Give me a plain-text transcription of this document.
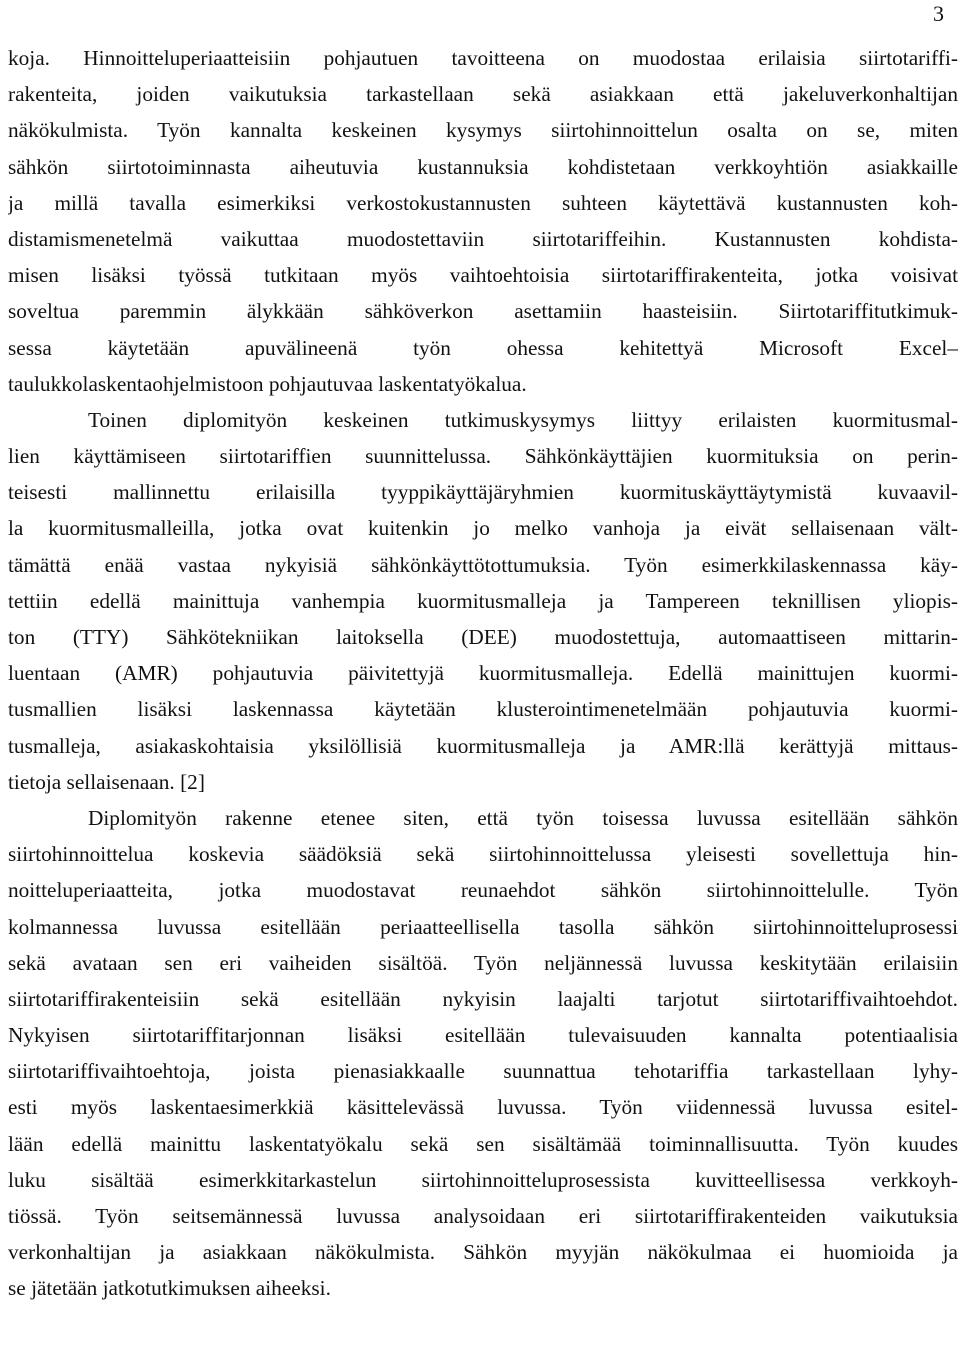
3
koja. Hinnoitteluperiaatteisiin pohjautuen tavoitteena on muodostaa erilaisia siirtotariffi-
rakenteita, joiden vaikutuksia tarkastellaan sekä asiakkaan että jakeluverkonhaltijan
näkökulmista. Työn kannalta keskeinen kysymys siirtohinnoittelun osalta on se, miten
sähkön siirtotoiminnasta aiheutuvia kustannuksia kohdistetaan verkkoyhtiön asiakkaille
ja millä tavalla esimerkiksi verkostokustannusten suhteen käytettävä kustannusten koh-
distamismenetelmä vaikuttaa muodostettaviin siirtotariffeihin. Kustannusten kohdista-
misen lisäksi työssä tutkitaan myös vaihtoehtoisia siirtotariffirakenteita, jotka voisivat
soveltua paremmin älykkään sähköverkon asettamiin haasteisiin. Siirtotariffitutkimuk-
sessa käytetään apuvälineenä työn ohessa kehitettyä Microsoft Excel–
taulukkolaskentaohjelmistoon pohjautuvaa laskentatyökalua.
Toinen diplomityön keskeinen tutkimuskysymys liittyy erilaisten kuormitusmal-
lien käyttämiseen siirtotariffien suunnittelussa. Sähkönkäyttäjien kuormituksia on perin-
teisesti mallinnettu erilaisilla tyyppikäyttäjäryhmien kuormituskäyttäytymistä kuvaavil-
la kuormitusmalleilla, jotka ovat kuitenkin jo melko vanhoja ja eivät sellaisenaan vält-
tämättä enää vastaa nykyisiä sähkönkäyttötottumuksia. Työn esimerkkilaskennassa käy-
tettiin edellä mainittuja vanhempia kuormitusmalleja ja Tampereen teknillisen yliopis-
ton (TTY) Sähkötekniikan laitoksella (DEE) muodostettuja, automaattiseen mittarin-
luentaan (AMR) pohjautuvia päivitettyjä kuormitusmalleja. Edellä mainittujen kuormi-
tusmallien lisäksi laskennassa käytetään klusterointimenetelmään pohjautuvia kuormi-
tusmalleja, asiakaskohtaisia yksilöllisiä kuormitusmalleja ja AMR:llä kerättyjä mittaus-
tietoja sellaisenaan. [2]
Diplomityön rakenne etenee siten, että työn toisessa luvussa esitellään sähkön
siirtohinnoittelua koskevia säädöksiä sekä siirtohinnoittelussa yleisesti sovellettuja hin-
noitteluperiaatteita, jotka muodostavat reunaehdot sähkön siirtohinnoittelulle. Työn
kolmannessa luvussa esitellään periaatteellisella tasolla sähkön siirtohinnoitteluprosessi
sekä avataan sen eri vaiheiden sisältöä. Työn neljännessä luvussa keskitytään erilaisiin
siirtotariffirakenteisiin sekä esitellään nykyisin laajalti tarjotut siirtotariffivaihtoehdot.
Nykyisen siirtotariffitarjonnan lisäksi esitellään tulevaisuuden kannalta potentiaalisia
siirtotariffivaihtoehtoja, joista pienasiakkaalle suunnattua tehotariffia tarkastellaan lyhy-
esti myös laskentaesimerkkiä käsittelevässä luvussa. Työn viidennessä luvussa esitel-
lään edellä mainittu laskentatyökalu sekä sen sisältämää toiminnallisuutta. Työn kuudes
luku sisältää esimerkkitarkastelun siirtohinnoitteluprosessista kuvitteellisessa verkkoyh-
tiössä. Työn seitsemännessä luvussa analysoidaan eri siirtotariffirakenteiden vaikutuksia
verkonhaltijan ja asiakkaan näkökulmista. Sähkön myyjän näkökulmaa ei huomioida ja
se jätetään jatkotutkimuksen aiheeksi.
